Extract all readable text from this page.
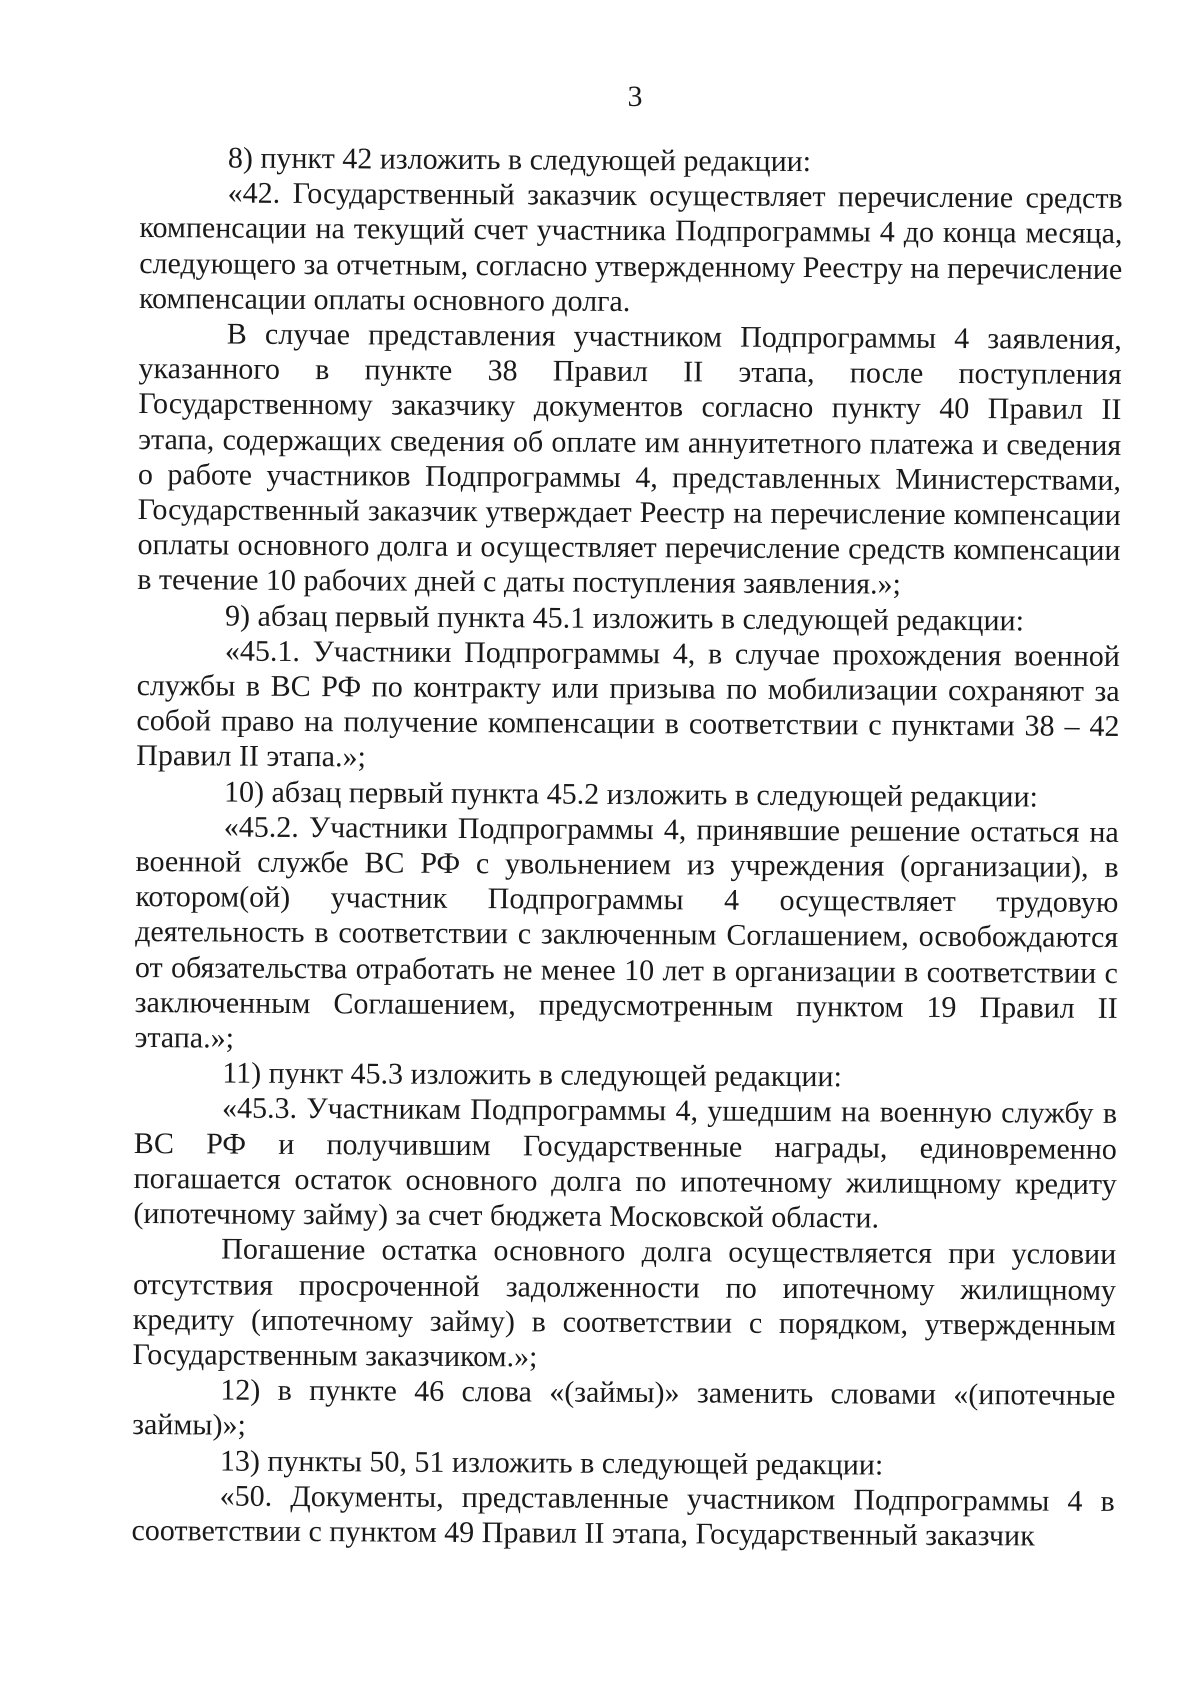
3

8) пункт 42 изложить в следующей редакции:

«42. Государственный заказчик осуществляет перечисление средств компенсации на текущий счет участника Подпрограммы 4 до конца месяца, следующего за отчетным, согласно утвержденному Реестру на перечисление компенсации оплаты основного долга.

В случае представления участником Подпрограммы 4 заявления, указанного в пункте 38 Правил II этапа, после поступления Государственному заказчику документов согласно пункту 40 Правил II этапа, содержащих сведения об оплате им аннуитетного платежа и сведения о работе участников Подпрограммы 4, представленных Министерствами, Государственный заказчик утверждает Реестр на перечисление компенсации оплаты основного долга и осуществляет перечисление средств компенсации в течение 10 рабочих дней с даты поступления заявления.»;

9) абзац первый пункта 45.1 изложить в следующей редакции:

«45.1. Участники Подпрограммы 4, в случае прохождения военной службы в ВС РФ по контракту или призыва по мобилизации сохраняют за собой право на получение компенсации в соответствии с пунктами 38 – 42 Правил II этапа.»;

10) абзац первый пункта 45.2 изложить в следующей редакции:

«45.2. Участники Подпрограммы 4, принявшие решение остаться на военной службе ВС РФ с увольнением из учреждения (организации), в котором(ой) участник Подпрограммы 4 осуществляет трудовую деятельность в соответствии с заключенным Соглашением, освобождаются от обязательства отработать не менее 10 лет в организации в соответствии с заключенным Соглашением, предусмотренным пунктом 19 Правил II этапа.»;

11) пункт 45.3 изложить в следующей редакции:

«45.3. Участникам Подпрограммы 4, ушедшим на военную службу в ВС РФ и получившим Государственные награды, единовременно погашается остаток основного долга по ипотечному жилищному кредиту (ипотечному займу) за счет бюджета Московской области.

Погашение остатка основного долга осуществляется при условии отсутствия просроченной задолженности по ипотечному жилищному кредиту (ипотечному займу) в соответствии с порядком, утвержденным Государственным заказчиком.»;

12) в пункте 46 слова «(займы)» заменить словами «(ипотечные займы)»;

13) пункты 50, 51 изложить в следующей редакции:

«50. Документы, представленные участником Подпрограммы 4 в соответствии с пунктом 49 Правил II этапа, Государственный заказчик
